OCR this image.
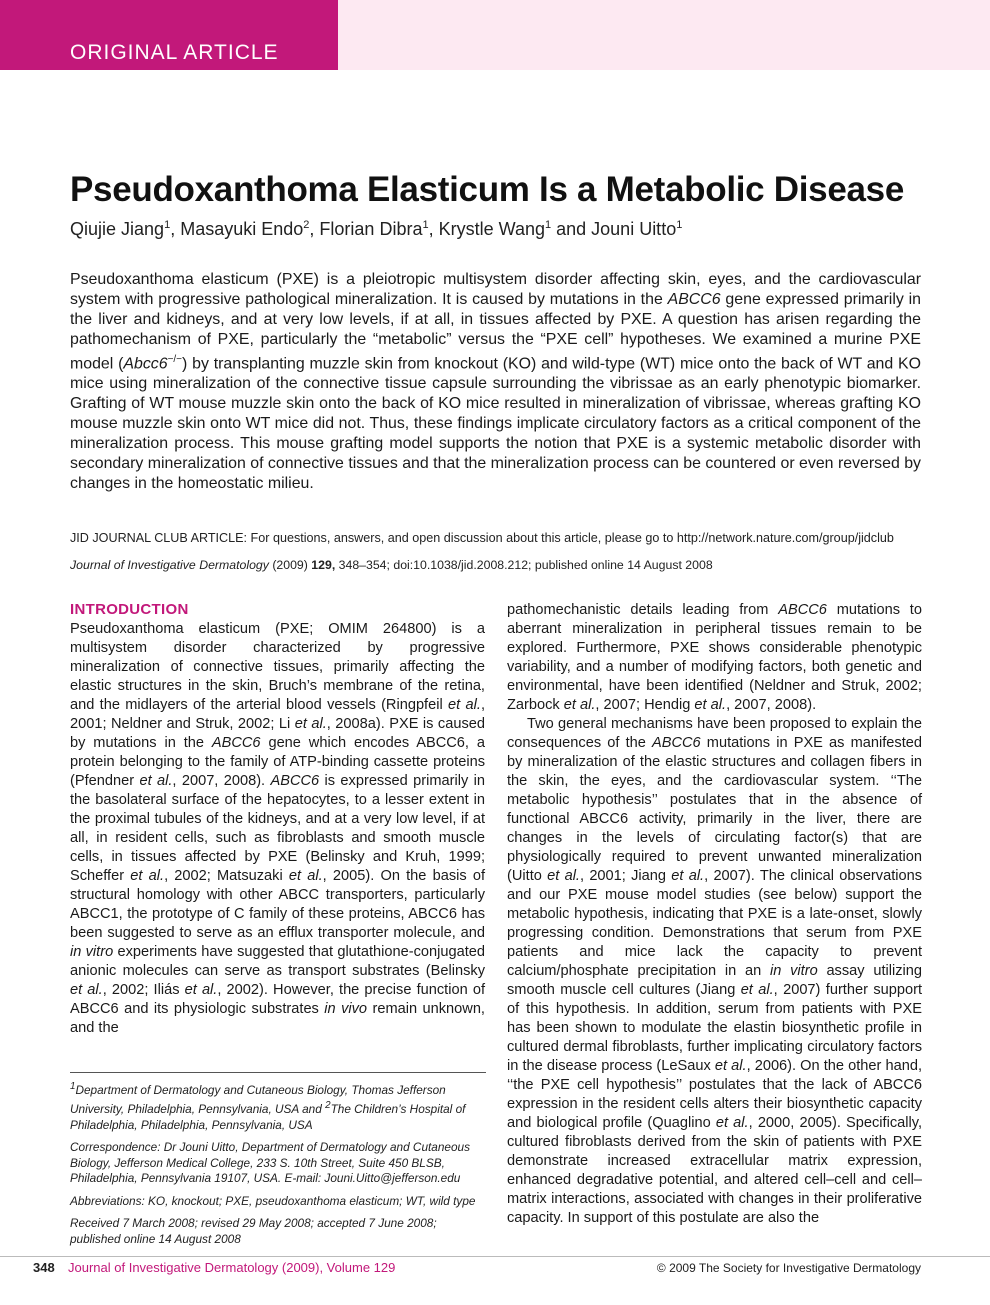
ORIGINAL ARTICLE
Pseudoxanthoma Elasticum Is a Metabolic Disease
Qiujie Jiang$^1$, Masayuki Endo$^2$, Florian Dibra$^1$, Krystle Wang$^1$ and Jouni Uitto$^1$
Pseudoxanthoma elasticum (PXE) is a pleiotropic multisystem disorder affecting skin, eyes, and the cardiovascular system with progressive pathological mineralization. It is caused by mutations in the ABCC6 gene expressed primarily in the liver and kidneys, and at very low levels, if at all, in tissues affected by PXE. A question has arisen regarding the pathomechanism of PXE, particularly the “metabolic” versus the “PXE cell” hypotheses. We examined a murine PXE model (Abcc6−/−) by transplanting muzzle skin from knockout (KO) and wild-type (WT) mice onto the back of WT and KO mice using mineralization of the connective tissue capsule surrounding the vibrissae as an early phenotypic biomarker. Grafting of WT mouse muzzle skin onto the back of KO mice resulted in mineralization of vibrissae, whereas grafting KO mouse muzzle skin onto WT mice did not. Thus, these findings implicate circulatory factors as a critical component of the mineralization process. This mouse grafting model supports the notion that PXE is a systemic metabolic disorder with secondary mineralization of connective tissues and that the mineralization process can be countered or even reversed by changes in the homeostatic milieu.
JID JOURNAL CLUB ARTICLE: For questions, answers, and open discussion about this article, please go to http://network.nature.com/group/jidclub
Journal of Investigative Dermatology (2009) 129, 348–354; doi:10.1038/jid.2008.212; published online 14 August 2008
INTRODUCTION

Pseudoxanthoma elasticum (PXE; OMIM 264800) is a multisystem disorder characterized by progressive mineralization of connective tissues, primarily affecting the elastic structures in the skin, Bruch’s membrane of the retina, and the midlayers of the arterial blood vessels (Ringpfeil et al., 2001; Neldner and Struk, 2002; Li et al., 2008a). PXE is caused by mutations in the ABCC6 gene which encodes ABCC6, a protein belonging to the family of ATP-binding cassette proteins (Pfendner et al., 2007, 2008). ABCC6 is expressed primarily in the basolateral surface of the hepatocytes, to a lesser extent in the proximal tubules of the kidneys, and at a very low level, if at all, in resident cells, such as fibroblasts and smooth muscle cells, in tissues affected by PXE (Belinsky and Kruh, 1999; Scheffer et al., 2002; Matsuzaki et al., 2005). On the basis of structural homology with other ABCC transporters, particularly ABCC1, the prototype of C family of these proteins, ABCC6 has been suggested to serve as an efflux transporter molecule, and in vitro experiments have suggested that glutathione-conjugated anionic molecules can serve as transport substrates (Belinsky et al., 2002; Iliás et al., 2002). However, the precise function of ABCC6 and its physiologic substrates in vivo remain unknown, and the

pathomechanistic details leading from ABCC6 mutations to aberrant mineralization in peripheral tissues remain to be explored. Furthermore, PXE shows considerable phenotypic variability, and a number of modifying factors, both genetic and environmental, have been identified (Neldner and Struk, 2002; Zarbock et al., 2007; Hendig et al., 2007, 2008).

Two general mechanisms have been proposed to explain the consequences of the ABCC6 mutations in PXE as manifested by mineralization of the elastic structures and collagen fibers in the skin, the eyes, and the cardiovascular system. ‘‘The metabolic hypothesis’’ postulates that in the absence of functional ABCC6 activity, primarily in the liver, there are changes in the levels of circulating factor(s) that are physiologically required to prevent unwanted mineralization (Uitto et al., 2001; Jiang et al., 2007). The clinical observations and our PXE mouse model studies (see below) support the metabolic hypothesis, indicating that PXE is a late-onset, slowly progressing condition. Demonstrations that serum from PXE patients and mice lack the capacity to prevent calcium/phosphate precipitation in an in vitro assay utilizing smooth muscle cell cultures (Jiang et al., 2007) further support of this hypothesis. In addition, serum from patients with PXE has been shown to modulate the elastin biosynthetic profile in cultured dermal fibroblasts, further implicating circulatory factors in the disease process (LeSaux et al., 2006). On the other hand, ‘‘the PXE cell hypothesis’’ postulates that the lack of ABCC6 expression in the resident cells alters their biosynthetic capacity and biological profile (Quaglino et al., 2000, 2005). Specifically, cultured fibroblasts derived from the skin of patients with PXE demonstrate increased extracellular matrix expression, enhanced degradative potential, and altered cell–cell and cell–matrix interactions, associated with changes in their proliferative capacity. In support of this postulate are also the

$^1$Department of Dermatology and Cutaneous Biology, Thomas Jefferson University, Philadelphia, Pennsylvania, USA and $^2$The Children’s Hospital of Philadelphia, Philadelphia, Pennsylvania, USA

Correspondence: Dr Jouni Uitto, Department of Dermatology and Cutaneous Biology, Jefferson Medical College, 233 S. 10th Street, Suite 450 BLSB, Philadelphia, Pennsylvania 19107, USA. E-mail: Jouni.Uitto@jefferson.edu

Abbreviations: KO, knockout; PXE, pseudoxanthoma elasticum; WT, wild type

Received 7 March 2008; revised 29 May 2008; accepted 7 June 2008; published online 14 August 2008

348 Journal of Investigative Dermatology (2009), Volume 129	© 2009 The Society for Investigative Dermatology
